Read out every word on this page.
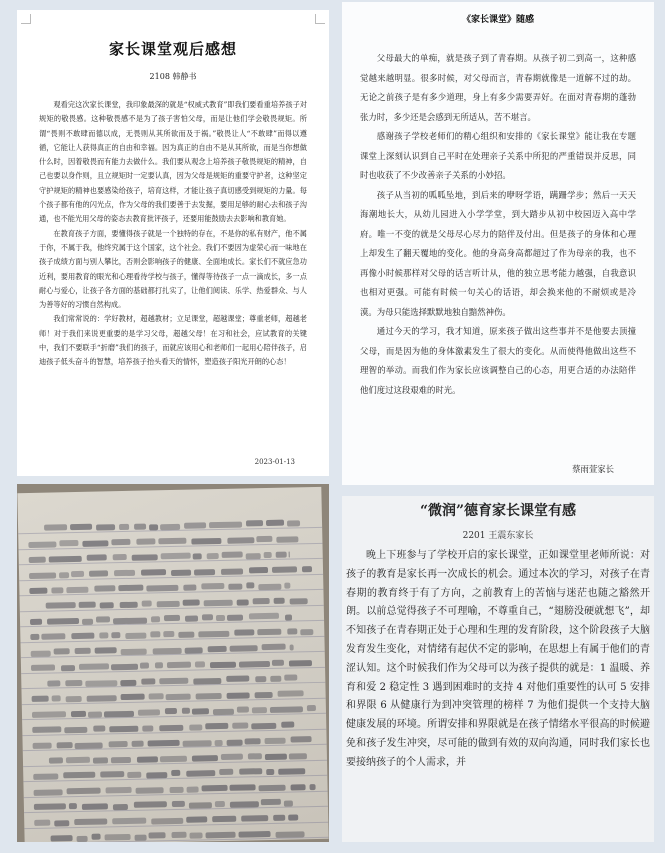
家长课堂观后感想
2108 韩静书

观看完这次家长课堂，我印象最深的就是“权威式教育”即我们要看重培养孩子对规矩的敬畏感。这种敬畏感不是为了孩子害怕父母，而是让他们学会敬畏规矩。所谓“畏则不敢肆而德以成，无畏则从其所欲而及于祸。”敬畏让人“不敢肆”而得以遵循，它能让人获得真正的自由和幸福。因为真正的自由不是从其所欲，而是当你想做什么时，因着敬畏而有能力去做什么。我们要从观念上培养孩子敬畏规矩的精神，自己也要以身作则，且立规矩时一定要认真，因为父母是规矩的重要守护者，这种坚定守护规矩的精神也要感染给孩子，培育这样，才能让孩子真切感受到规矩的力量。每个孩子都有他的闪光点，作为父母的我们要善于去发掘，要用足够的耐心去和孩子沟通，也不能光用父母的姿态去教育批评孩子，还要用能鼓励去去影响和教育她。

在教育孩子方面，要懂得孩子就是一个独特的存在，不是你的私有财产，他不属于你，不属于我，他终究属于这个国家，这个社会。我们不要因为虚荣心而一味地在孩子成绩方面与别人攀比，否则会影响孩子的健康、全面地成长。家长们不就应急功近利，要用教育的眼光和心理看待学校与孩子，懂得等待孩子一点一滴成长，多一点耐心与爱心，让孩子各方面的基础都打扎实了，让他们阅读、乐学、热爱群众、与人为善等好的习惯自然构成。

我们常常说的：学好教材，超越教材；立足课堂，超越课堂；尊重老师，超越老师！对于我们来说更重要的是学习父母，超越父母！在习和社会，应试教育的关键中，我们不要联手“折磨”我们的孩子，而就应该用心和老师们一起用心陪伴孩子，启迪孩子低头奋斗的智慧，培养孩子抬头看天的情怀，塑造孩子阳光开朗的心态！

2023-01-13
《家长课堂》随感

父母最大的单痴，就是孩子到了青春期。从孩子初二到高一，这种感觉越来越明显。很多时候，对父母而言，青春期就像是一道解不过的劫。无论之前孩子是有多少道理，身上有多少需要弄好。在面对青春期的蓬勃张力时，多少还是会感到无所适从，苦不堪言。

感谢孩子学校老师们的精心组织和安排的《家长课堂》能让我在专题课堂上深刻认识到自己平时在处理亲子关系中所犯的严重错误并反思，同时也收获了不少改善亲子关系的小妙招。

孩子从当初的呱呱坠地，到后来的咿呀学语，蹒跚学步；然后一天天海潮地长大，从幼儿园进入小学学堂，到大踏步从初中校园迈入高中学府。唯一不变的就是父母尽心尽力的陪伴及付出。但是孩子的身体和心理上却发生了翻天覆地的变化。他的身高身高都超过了作为母亲的我，也不再像小时候那样对父母的话言听计从，他的独立思考能力越强，自我意识也相对更强。可能有时候一句关心的话语，却会换来他的不耐烦或是冷漠。为母只能选择默默地独自黯然神伤。

通过今天的学习，我才知道，原来孩子做出这些事并不是他要去顶撞父母，而是因为他的身体激素发生了很大的变化。从而使得他做出这些不理智的举动。而我们作为家长应该调整自己的心态，用更合适的办法陪伴他们度过这段艰难的时光。

蔡雨萱家长
“微润”德育家长课堂有感
2201 王震东家长

晚上下班参与了学校开启的家长课堂，正如课堂里老师所说：对孩子的教育是家长再一次成长的机会。通过本次的学习，对孩子在青春期的教育终于有了方向，之前教育上的苦恼与迷茫也随之豁然开朗。以前总觉得孩子不可理喻，不尊重自己，“翅膀没硬就想飞”，却不知孩子在青春期正处于心理和生理的发育阶段，这个阶段孩子大脑发育发生变化，对情绪有起伏不定的影响，在思想上有属于他们的青涩认知。这个时候我们作为父母可以为孩子提供的就是：1 温暖、养育和爱 2 稳定性 3 遇到困难时的支持 4 对他们重要性的认可 5 安排和界限 6 从健康行为到冲突管理的榜样 7 为他们提供一个支持大脑健康发展的环境。所谓安排和界限就是在孩子情绪水平很高的时候避免和孩子发生冲突，尽可能的做到有效的双向沟通，同时我们家长也要接纳孩子的个人需求，并
